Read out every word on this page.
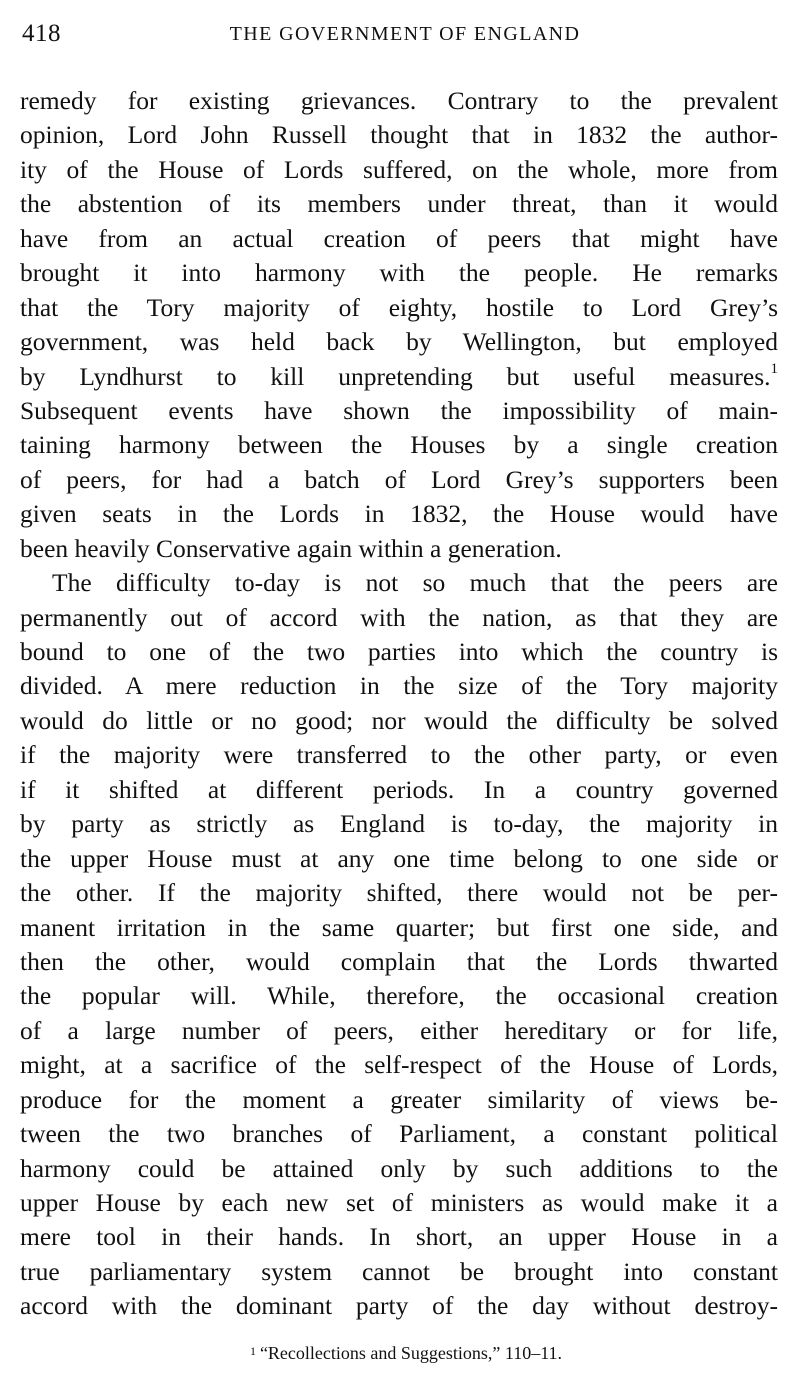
418	THE GOVERNMENT OF ENGLAND
remedy for existing grievances. Contrary to the prevalent
opinion, Lord John Russell thought that in 1832 the author-
ity of the House of Lords suffered, on the whole, more from
the abstention of its members under threat, than it would
have from an actual creation of peers that might have
brought it into harmony with the people. He remarks
that the Tory majority of eighty, hostile to Lord Grey’s
government, was held back by Wellington, but employed
by Lyndhurst to kill unpretending but useful measures.$^1$
Subsequent events have shown the impossibility of main-
taining harmony between the Houses by a single creation
of peers, for had a batch of Lord Grey’s supporters been
given seats in the Lords in 1832, the House would have
been heavily Conservative again within a generation.
The difficulty to-day is not so much that the peers are
permanently out of accord with the nation, as that they are
bound to one of the two parties into which the country is
divided. A mere reduction in the size of the Tory majority
would do little or no good; nor would the difficulty be solved
if the majority were transferred to the other party, or even
if it shifted at different periods. In a country governed
by party as strictly as England is to-day, the majority in
the upper House must at any one time belong to one side or
the other. If the majority shifted, there would not be per-
manent irritation in the same quarter; but first one side, and
then the other, would complain that the Lords thwarted
the popular will. While, therefore, the occasional creation
of a large number of peers, either hereditary or for life,
might, at a sacrifice of the self-respect of the House of Lords,
produce for the moment a greater similarity of views be-
tween the two branches of Parliament, a constant political
harmony could be attained only by such additions to the
upper House by each new set of ministers as would make it a
mere tool in their hands. In short, an upper House in a
true parliamentary system cannot be brought into constant
accord with the dominant party of the day without destroy-
$^1$ “Recollections and Suggestions,” 110–11.
